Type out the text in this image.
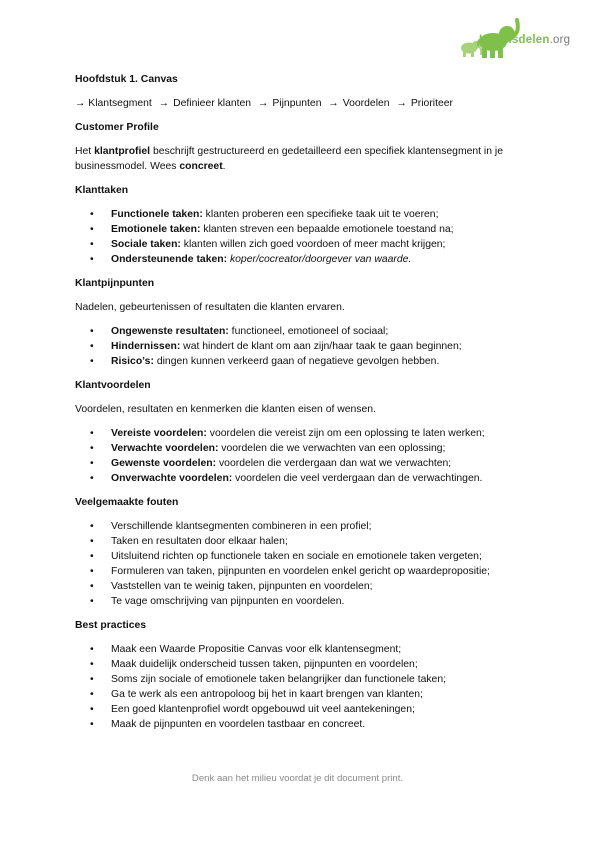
Kennisdelen.org

Hoofdstuk 1. Canvas

→ Klantsegment → Definieer klanten → Pijnpunten → Voordelen → Prioriteer

Customer Profile

Het klantprofiel beschrijft gestructureerd en gedetailleerd een specifiek klantensegment in je businessmodel. Wees concreet.

Klanttaken

• Functionele taken: klanten proberen een specifieke taak uit te voeren;
• Emotionele taken: klanten streven een bepaalde emotionele toestand na;
• Sociale taken: klanten willen zich goed voordoen of meer macht krijgen;
• Ondersteunende taken: koper/cocreator/doorgever van waarde.

Klantpijnpunten

Nadelen, gebeurtenissen of resultaten die klanten ervaren.

• Ongewenste resultaten: functioneel, emotioneel of sociaal;
• Hindernissen: wat hindert de klant om aan zijn/haar taak te gaan beginnen;
• Risico’s: dingen kunnen verkeerd gaan of negatieve gevolgen hebben.

Klantvoordelen

Voordelen, resultaten en kenmerken die klanten eisen of wensen.

• Vereiste voordelen: voordelen die vereist zijn om een oplossing te laten werken;
• Verwachte voordelen: voordelen die we verwachten van een oplossing;
• Gewenste voordelen: voordelen die verdergaan dan wat we verwachten;
• Onverwachte voordelen: voordelen die veel verdergaan dan de verwachtingen.

Veelgemaakte fouten

• Verschillende klantsegmenten combineren in een profiel;
• Taken en resultaten door elkaar halen;
• Uitsluitend richten op functionele taken en sociale en emotionele taken vergeten;
• Formuleren van taken, pijnpunten en voordelen enkel gericht op waardepropositie;
• Vaststellen van te weinig taken, pijnpunten en voordelen;
• Te vage omschrijving van pijnpunten en voordelen.

Best practices

• Maak een Waarde Propositie Canvas voor elk klantensegment;
• Maak duidelijk onderscheid tussen taken, pijnpunten en voordelen;
• Soms zijn sociale of emotionele taken belangrijker dan functionele taken;
• Ga te werk als een antropoloog bij het in kaart brengen van klanten;
• Een goed klantenprofiel wordt opgebouwd uit veel aantekeningen;
• Maak de pijnpunten en voordelen tastbaar en concreet.
Denk aan het milieu voordat je dit document print.
